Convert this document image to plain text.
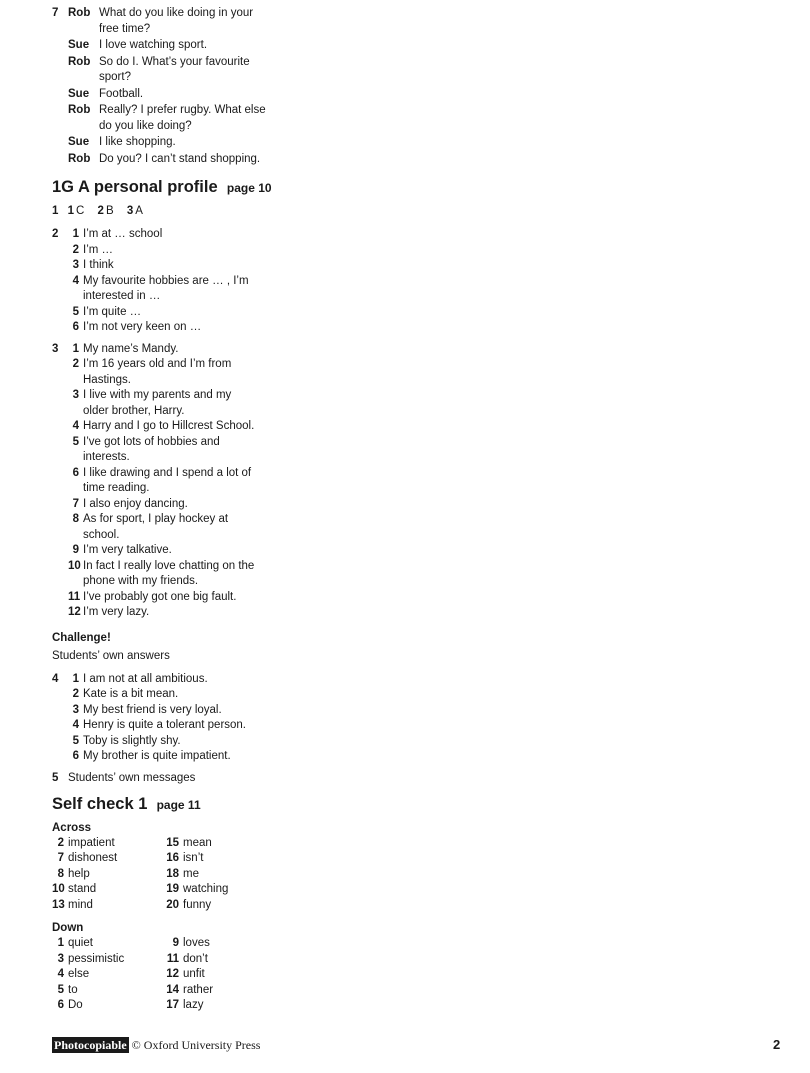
7 Rob What do you like doing in your free time?
Sue I love watching sport.
Rob So do I. What’s your favourite sport?
Sue Football.
Rob Really? I prefer rugby. What else do you like doing?
Sue I like shopping.
Rob Do you? I can’t stand shopping.
1G A personal profile page 10
1 1 C 2 B 3 A
2	1 I’m at … school
2 I’m …
3 I think
4 My favourite hobbies are … , I’m interested in …
5 I’m quite …
6 I’m not very keen on …
3	1 My name’s Mandy.
2 I’m 16 years old and I’m from Hastings.
3 I live with my parents and my older brother, Harry.
4 Harry and I go to Hillcrest School.
5 I’ve got lots of hobbies and interests.
6 I like drawing and I spend a lot of time reading.
7 I also enjoy dancing.
8 As for sport, I play hockey at school.
9 I’m very talkative.
10 In fact I really love chatting on the phone with my friends.
11 I’ve probably got one big fault.
12 I’m very lazy.
Challenge!
Students’ own answers
4	1 I am not at all ambitious.
2 Kate is a bit mean.
3 My best friend is very loyal.
4 Henry is quite a tolerant person.
5 Toby is slightly shy.
6 My brother is quite impatient.
5 Students’ own messages
Self check 1 page 11
Across
2 impatient	15 mean
7 dishonest	16 isn’t
8 help	18 me
10 stand	19 watching
13 mind	20 funny
Down
1 quiet	9 loves
3 pessimistic	11 don’t
4 else	12 unfit
5 to	14 rather
6 Do	17 lazy
Photocopiable © Oxford University Press	2
